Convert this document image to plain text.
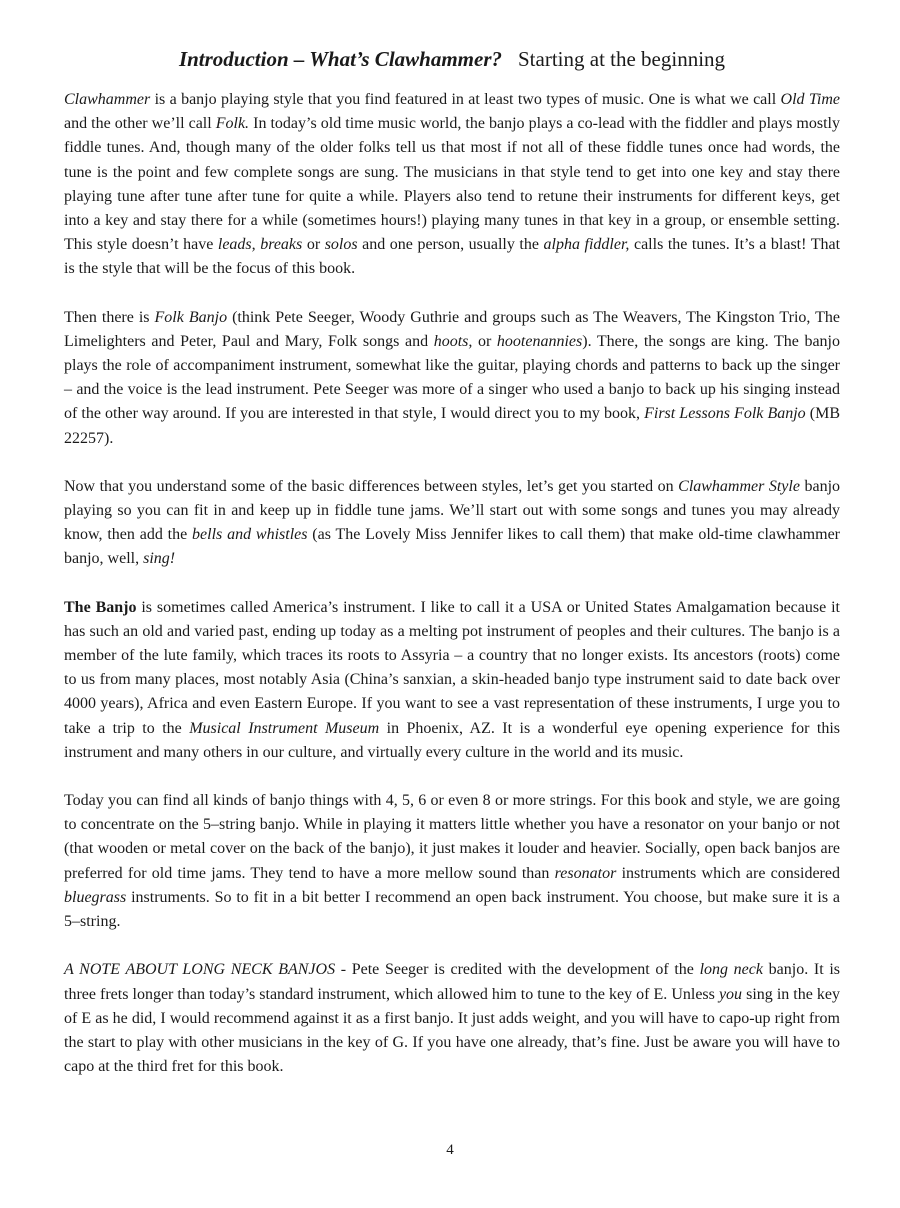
Introduction – What’s Clawhammer? Starting at the beginning

Clawhammer is a banjo playing style that you find featured in at least two types of music. One is what we call Old Time and the other we’ll call Folk. In today’s old time music world, the banjo plays a co-lead with the fiddler and plays mostly fiddle tunes. And, though many of the older folks tell us that most if not all of these fiddle tunes once had words, the tune is the point and few complete songs are sung. The musicians in that style tend to get into one key and stay there playing tune after tune after tune for quite a while. Players also tend to retune their instruments for different keys, get into a key and stay there for a while (sometimes hours!) playing many tunes in that key in a group, or ensemble setting. This style doesn’t have leads, breaks or solos and one person, usually the alpha fiddler, calls the tunes. It’s a blast! That is the style that will be the focus of this book.

Then there is Folk Banjo (think Pete Seeger, Woody Guthrie and groups such as The Weavers, The Kingston Trio, The Limelighters and Peter, Paul and Mary, Folk songs and hoots, or hootenannies). There, the songs are king. The banjo plays the role of accompaniment instrument, somewhat like the guitar, playing chords and patterns to back up the singer – and the voice is the lead instrument. Pete Seeger was more of a singer who used a banjo to back up his singing instead of the other way around. If you are interested in that style, I would direct you to my book, First Lessons Folk Banjo (MB 22257).

Now that you understand some of the basic differences between styles, let’s get you started on Clawhammer Style banjo playing so you can fit in and keep up in fiddle tune jams. We’ll start out with some songs and tunes you may already know, then add the bells and whistles (as The Lovely Miss Jennifer likes to call them) that make old-time clawhammer banjo, well, sing!

The Banjo is sometimes called America’s instrument. I like to call it a USA or United States Amalgamation because it has such an old and varied past, ending up today as a melting pot instrument of peoples and their cultures. The banjo is a member of the lute family, which traces its roots to Assyria – a country that no longer exists. Its ancestors (roots) come to us from many places, most notably Asia (China’s sanxian, a skin-headed banjo type instrument said to date back over 4000 years), Africa and even Eastern Europe. If you want to see a vast representation of these instruments, I urge you to take a trip to the Musical Instrument Museum in Phoenix, AZ. It is a wonderful eye opening experience for this instrument and many others in our culture, and virtually every culture in the world and its music.

Today you can find all kinds of banjo things with 4, 5, 6 or even 8 or more strings. For this book and style, we are going to concentrate on the 5–string banjo. While in playing it matters little whether you have a resonator on your banjo or not (that wooden or metal cover on the back of the banjo), it just makes it louder and heavier. Socially, open back banjos are preferred for old time jams. They tend to have a more mellow sound than resonator instruments which are considered bluegrass instruments. So to fit in a bit better I recommend an open back instrument. You choose, but make sure it is a 5–string.

A NOTE ABOUT LONG NECK BANJOS - Pete Seeger is credited with the development of the long neck banjo. It is three frets longer than today’s standard instrument, which allowed him to tune to the key of E. Unless you sing in the key of E as he did, I would recommend against it as a first banjo. It just adds weight, and you will have to capo-up right from the start to play with other musicians in the key of G. If you have one already, that’s fine. Just be aware you will have to capo at the third fret for this book.

4
